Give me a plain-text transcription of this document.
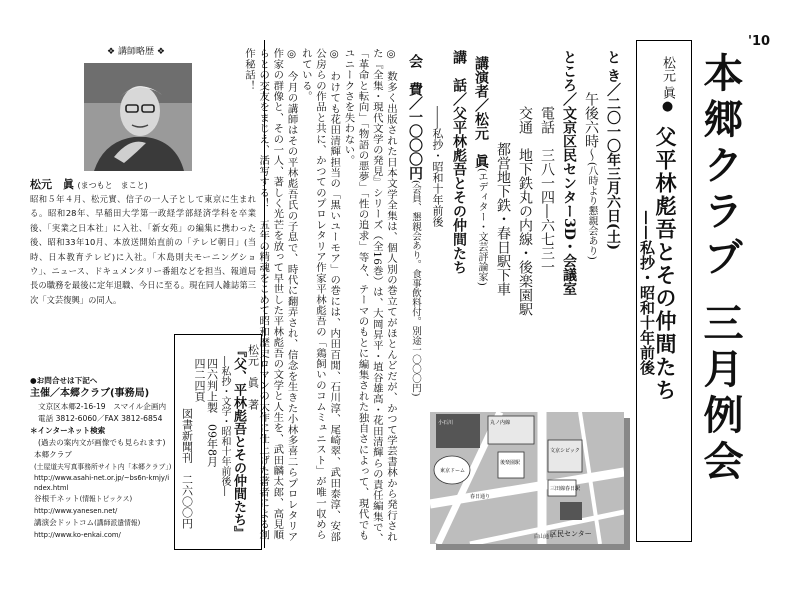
'10
本郷クラブ 三月例会
松元 眞●
父平林彪吾とその仲間たち
——私抄・昭和十年前後
と き／二〇一〇年三月六日(土)
午後六時～(八時より懇親会あり)
ところ／文京区民センター3D・会議室
電話　三八一四―六七三一
交通　地下鉄丸の内線・後楽園駅
都営地下鉄・春日駅下車
講演者／松元　眞(エディター・文芸評論家)
講　話／父平林彪吾とその仲間たち
――私抄・昭和十年前後
会　費／一〇〇〇円(会員、懇親会あり。食事飲料付。別途一〇〇〇円)

◎　数多く出版された日本文学全集は、個人別の巻立てがほとんどだが、かつて学芸書林から発行された『全集・現代文学の発見』シリーズ（全16巻）は、大岡昇平・埴谷雄高・花田清輝らの責任編集で、「革命と転向」「物語の悪夢」「性の追求」等々、テーマのもとに編集された独自さによって、現代でもユニークさを失わない。

◎　わけても花田清輝担当の「黒いユーモア」の巻には、内田百閒、石川淳、尾崎翠、武田泰淳、安部公房らの作品と共に、かつてのプロレタリア作家平林彪吾の「鶏飼いのコムミュニスト」が唯一収められている。

◎　今月の講師はその平林彪吾氏の子息で、時代に翻弄され、信念を生きた小林多喜二らプロレタリア作家の群像と、その一人、著しく光芒を放って早世した平林彪吾の文学と人生を、武田麟太郎、高見順らとの交友をまじえ、活写する！　五年の精魂をこめて昭和歴史ロマンの大作に仕上げた著者による創作秘話！

松元　眞　著
『父、平林彪吾とその仲間たち』
―私抄・文学・昭和十年前後―
四六判上製　09年8月
四二四頁
図書新聞刊　二六〇〇円
❖ 講師略歴 ❖
松元　眞 (まつもと　まこと)
昭和５年４月、松元實、信子の一人子として東京に生まれる。昭和28年、早稲田大学第一政経学部経済学科を卒業後、「実業之日本社」に入社、「新女苑」の編集に携わった後、昭和33年10月、本放送開始直前の「テレビ朝日」(当時、日本教育テレビ)に入社。「木島則夫モーニングショウ」、ニュース、ドキュメンタリー番組などを担当、報道局長の職務を最後に定年退職、今日に至る。現在同人雑誌第三次「文芸復興」の同人。
●お問合せは下記へ
主催／本郷クラブ(事務局)
文京区本郷2-16-19　スマイル企画内
電話 3812-6060／FAX 3812-6854
＊インターネット検索
(過去の案内文が画像でも見られます)
本郷クラブ
(土屋道夫写真事務所サイト内「本郷クラブ」)
http://www.asahi-net.or.jp/~bs6n-kmjy/index.html
谷根千ネット(情報トピックス)
http://www.yanesen.net/
講演会ドットコム(講師派遣情報)
http://www.ko-enkai.com/
小石川	丸ノ内線
東京ドーム
文京シビック
三田線春日駅
後楽園駅
区民センター
白山通り
春日通り
